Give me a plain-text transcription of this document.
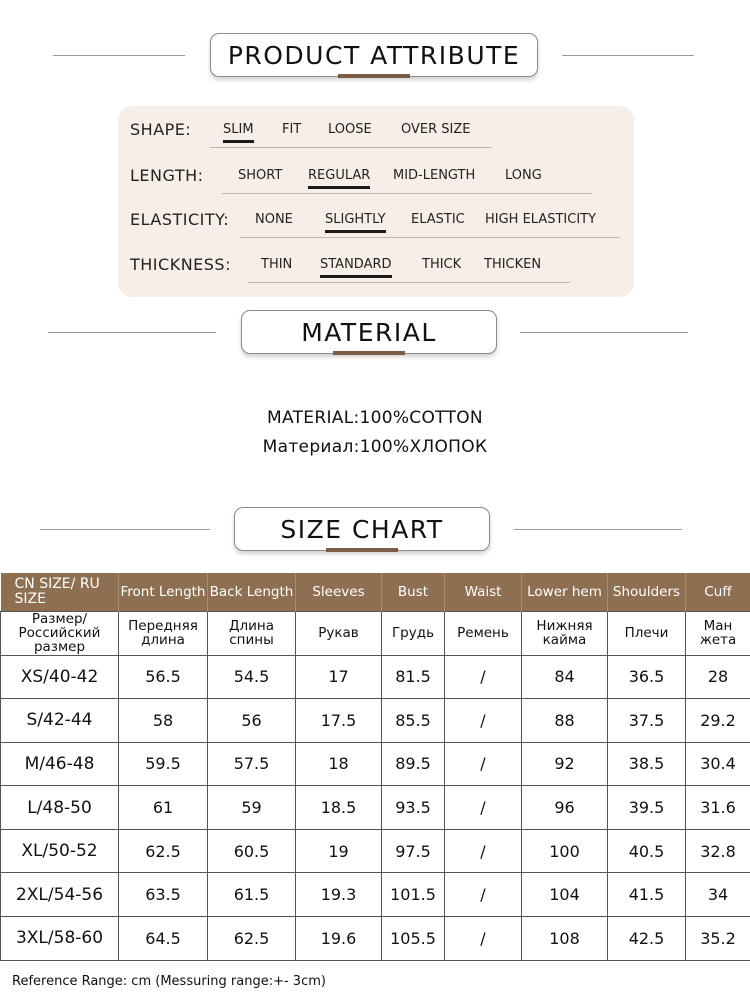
PRODUCT ATTRIBUTE
SHAPE: SLIM FIT LOOSE OVER SIZE
LENGTH:	SHORT REGULAR MID-LENGTH LONG
ELASTICITY: NONE SLIGHTLY ELASTIC HIGH ELASTICITY
THICKNESS: THIN STANDARD THICK THICKEN
MATERIAL
MATERIAL:100%COTTON
Материал:100%ХЛОПОК
SIZE CHART
CN SIZE/ RU SIZE	Front Length	Back Length	Sleeves	Bust	Waist	Lower hem	Shoulders	Cuff
Размер/ Российский размер	Передняя длина	Длина спины	Рукав	Грудь	Ремень	Нижняя кайма	Плечи	Ман жета
XS/40-42	56.5	54.5	17	81.5	/	84	36.5	28
S/42-44	58	56	17.5	85.5	/	88	37.5	29.2
M/46-48	59.5	57.5	18	89.5	/	92	38.5	30.4
L/48-50	61	59	18.5	93.5	/	96	39.5	31.6
XL/50-52	62.5	60.5	19	97.5	/	100	40.5	32.8
2XL/54-56	63.5	61.5	19.3	101.5	/	104	41.5	34
3XL/58-60	64.5	62.5	19.6	105.5	/	108	42.5	35.2
Reference Range: cm (Messuring range:+- 3cm)
